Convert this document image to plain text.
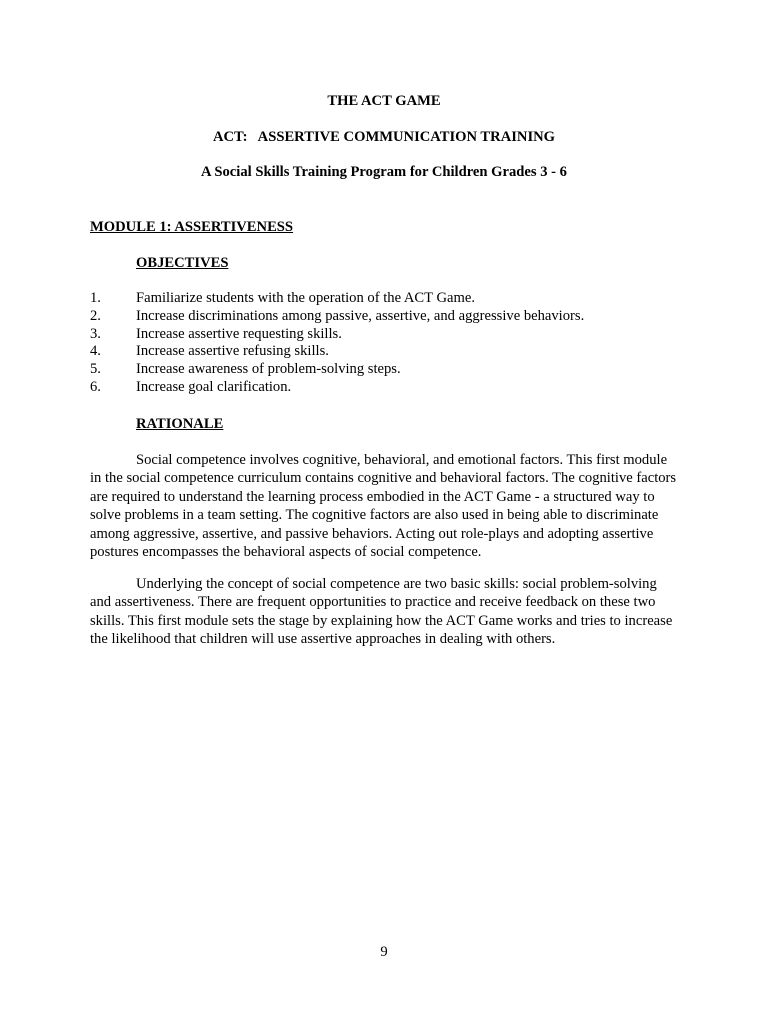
THE ACT GAME
ACT:   ASSERTIVE COMMUNICATION TRAINING
A Social Skills Training Program for Children Grades 3 - 6
MODULE 1: ASSERTIVENESS
OBJECTIVES
1. Familiarize students with the operation of the ACT Game.
2. Increase discriminations among passive, assertive, and aggressive behaviors.
3. Increase assertive requesting skills.
4. Increase assertive refusing skills.
5. Increase awareness of problem-solving steps.
6. Increase goal clarification.
RATIONALE

Social competence involves cognitive, behavioral, and emotional factors. This first module in the social competence curriculum contains cognitive and behavioral factors. The cognitive factors are required to understand the learning process embodied in the ACT Game - a structured way to solve problems in a team setting. The cognitive factors are also used in being able to discriminate among aggressive, assertive, and passive behaviors. Acting out role-plays and adopting assertive postures encompasses the behavioral aspects of social competence.

Underlying the concept of social competence are two basic skills: social problem-solving and assertiveness. There are frequent opportunities to practice and receive feedback on these two skills. This first module sets the stage by explaining how the ACT Game works and tries to increase the likelihood that children will use assertive approaches in dealing with others.

9
